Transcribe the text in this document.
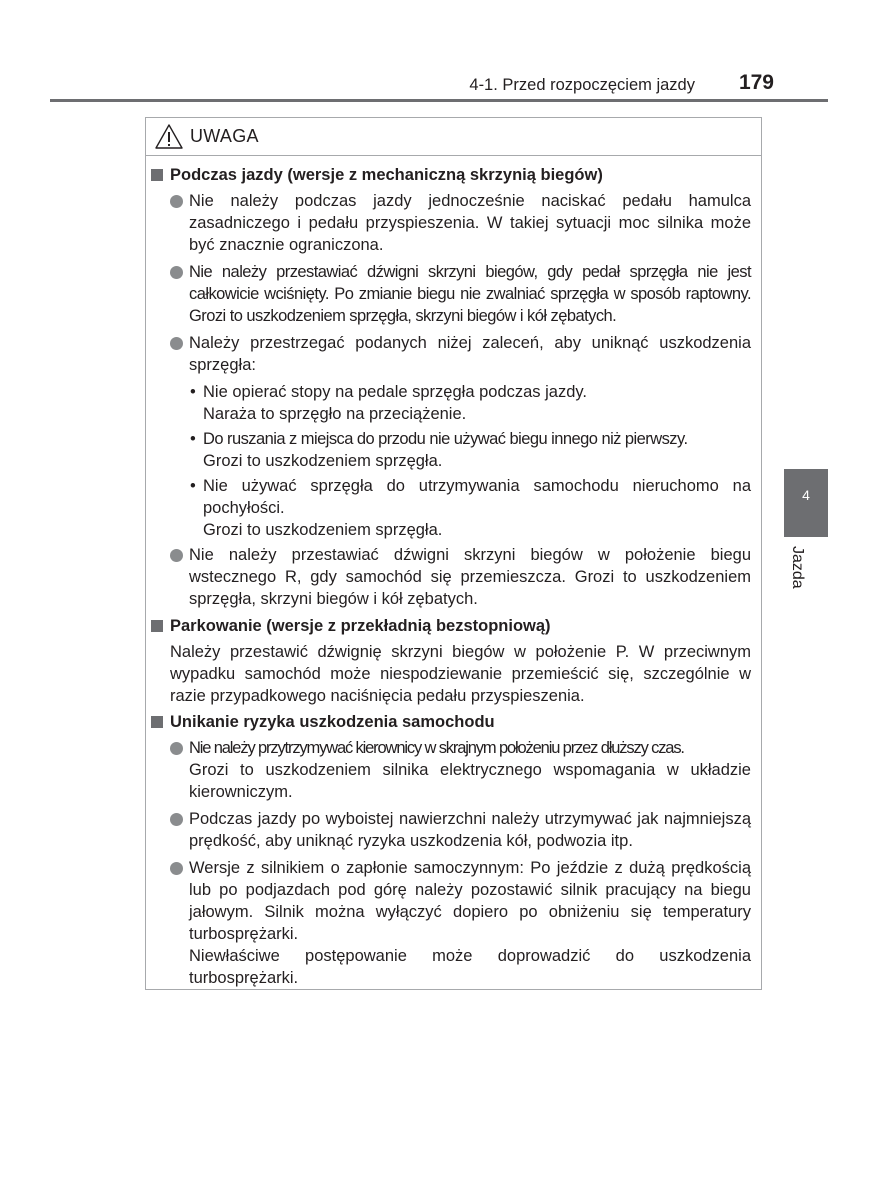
4-1. Przed rozpoczęciem jazdy 179
4
Jazda
UWAGA
Podczas jazdy (wersje z mechaniczną skrzynią biegów)
Nie należy podczas jazdy jednocześnie naciskać pedału hamulca zasadniczego i pedału przyspieszenia. W takiej sytuacji moc silnika może być znacznie ograniczona.
Nie należy przestawiać dźwigni skrzyni biegów, gdy pedał sprzęgła nie jest całkowicie wciśnięty. Po zmianie biegu nie zwalniać sprzęgła w sposób raptowny. Grozi to uszkodzeniem sprzęgła, skrzyni biegów i kół zębatych.
Należy przestrzegać podanych niżej zaleceń, aby uniknąć uszkodzenia sprzęgła:
• Nie opierać stopy na pedale sprzęgła podczas jazdy.
Naraża to sprzęgło na przeciążenie.
• Do ruszania z miejsca do przodu nie używać biegu innego niż pierwszy.
Grozi to uszkodzeniem sprzęgła.
• Nie używać sprzęgła do utrzymywania samochodu nieruchomo na pochyłości.
Grozi to uszkodzeniem sprzęgła.
Nie należy przestawiać dźwigni skrzyni biegów w położenie biegu wstecznego R, gdy samochód się przemieszcza. Grozi to uszkodzeniem sprzęgła, skrzyni biegów i kół zębatych.
Parkowanie (wersje z przekładnią bezstopniową)
Należy przestawić dźwignię skrzyni biegów w położenie P. W przeciwnym wypadku samochód może niespodziewanie przemieścić się, szczególnie w razie przypadkowego naciśnięcia pedału przyspieszenia.
Unikanie ryzyka uszkodzenia samochodu
Nie należy przytrzymywać kierownicy w skrajnym położeniu przez dłuższy czas.
Grozi to uszkodzeniem silnika elektrycznego wspomagania w układzie kierowniczym.
Podczas jazdy po wyboistej nawierzchni należy utrzymywać jak najmniejszą prędkość, aby uniknąć ryzyka uszkodzenia kół, podwozia itp.
Wersje z silnikiem o zapłonie samoczynnym: Po jeździe z dużą prędkością lub po podjazdach pod górę należy pozostawić silnik pracujący na biegu jałowym. Silnik można wyłączyć dopiero po obniżeniu się temperatury turbosprężarki.
Niewłaściwe postępowanie może doprowadzić do uszkodzenia turbosprężarki.
